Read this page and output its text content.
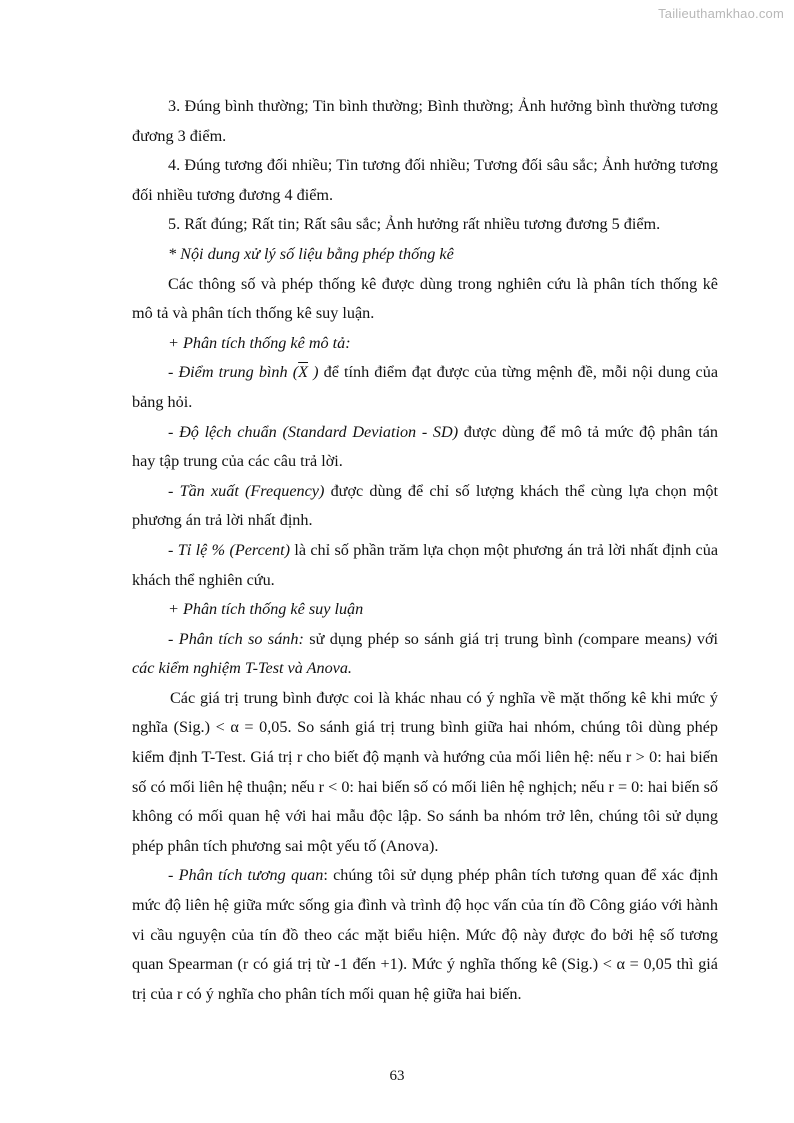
Tailieuthamkhao.com

3. Đúng bình thường; Tin bình thường; Bình thường; Ảnh hưởng bình thường tương đương 3 điểm.

4. Đúng tương đối nhiều; Tin tương đối nhiều; Tương đối sâu sắc; Ảnh hưởng tương đối nhiều tương đương 4 điểm.

5. Rất đúng; Rất tin; Rất sâu sắc; Ảnh hưởng rất nhiều tương đương 5 điểm.

* Nội dung xử lý số liệu bằng phép thống kê

Các thông số và phép thống kê được dùng trong nghiên cứu là phân tích thống kê mô tả và phân tích thống kê suy luận.

+ Phân tích thống kê mô tả:

- Điểm trung bình ($\overline{X}$ ) để tính điểm đạt được của từng mệnh đề, mỗi nội dung của bảng hỏi.

- Độ lệch chuẩn (Standard Deviation - SD) được dùng để mô tả mức độ phân tán hay tập trung của các câu trả lời.

- Tần xuất (Frequency) được dùng để chỉ số lượng khách thể cùng lựa chọn một phương án trả lời nhất định.

- Tỉ lệ % (Percent) là chỉ số phần trăm lựa chọn một phương án trả lời nhất định của khách thể nghiên cứu.

+ Phân tích thống kê suy luận

- Phân tích so sánh: sử dụng phép so sánh giá trị trung bình (compare means) với các kiểm nghiệm T-Test và Anova.

Các giá trị trung bình được coi là khác nhau có ý nghĩa về mặt thống kê khi mức ý nghĩa (Sig.) < α = 0,05. So sánh giá trị trung bình giữa hai nhóm, chúng tôi dùng phép kiểm định T-Test. Giá trị r cho biết độ mạnh và hướng của mối liên hệ: nếu r > 0: hai biến số có mối liên hệ thuận; nếu r < 0: hai biến số có mối liên hệ nghịch; nếu r = 0: hai biến số không có mối quan hệ với hai mẫu độc lập. So sánh ba nhóm trở lên, chúng tôi sử dụng phép phân tích phương sai một yếu tố (Anova).

- Phân tích tương quan: chúng tôi sử dụng phép phân tích tương quan để xác định mức độ liên hệ giữa mức sống gia đình và trình độ học vấn của tín đồ Công giáo với hành vi cầu nguyện của tín đồ theo các mặt biểu hiện. Mức độ này được đo bởi hệ số tương quan Spearman (r có giá trị từ -1 đến +1). Mức ý nghĩa thống kê (Sig.) < α = 0,05 thì giá trị của r có ý nghĩa cho phân tích mối quan hệ giữa hai biến.

63
